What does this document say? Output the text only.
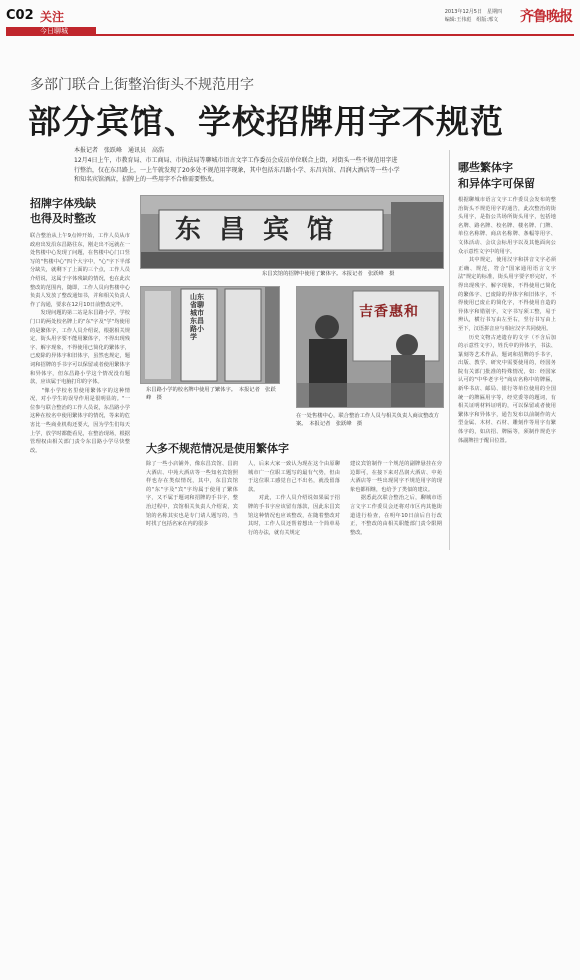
C02 关注
今日聊城
2013年12月5日　星期四
编辑:王伟彪　组版:邢文 齐鲁晚报
多部门联合上街整治街头不规范用字
部分宾馆、学校招牌用字不规范
本报记者　张跃峰　通讯员　高浩
12月4日上午，市教育局、市工商局、市执法局等聊城市语言文字工作委员会成员单位联合上街，对街头一些不规范用字进行整治，仅在东昌路上，一上午就发现了20多处不规范用字现象，其中包括东昌路小学、东昌宾馆、昌润大酒店等一些小学和知名宾馆酒店，招牌上的一些用字不合格需要整改。
招牌字体残缺
也得及时整改
联合整治从上午9点钟开始，工作人员从市政府出发沿东昌路往东，刚走出不远就在一处售楼中心发现了问题，在售楼中心门口竖写的"售楼中心"四个大字中，"心"字下半部分缺失，就剩下了上面的三个点，工作人员介绍说，这属于字体残缺的情况，也在此次整改的范围内，随即，工作人员向售楼中心负责人发放了整改通知书，并和相关负责人作了沟通，要求在12月10日前整改完毕。
　　发现问题的第二站是东昌路小学，学校门口的两处校名牌上的"东"字及"学"均使用的是繁体字，工作人员介绍说，根据相关规定，街头用字要不能用繁体字，不得出现残字、解字现象，不得使用已简化的繁体字，已废除的异体字和旧体字，虽然也规定，题词和招牌的手书字可以保留或者使用繁体字和异体字，但东昌路小学这个情况没有题款，应该属于电脑打印的字体。
　　"像小学校名里使用繁体字的这种情况，对小学生的误导作用是很明显的。"一位参与联合整治的工作人员说，东昌路小学这种在校名中使用繁体字的情况，等来的危害比一些商业机构还要大，因为学生们每天上学，放学时都能看见，在整治现场，根据管理权由相关部门责令东昌路小学尽快整改。
东昌宾馆
东昌宾馆的招牌中使用了繁体字。本报记者　张跃峰　摄
山东省聊城市东昌路小学
东昌路小学的校名牌中使用了繁体字。　本报记者　张跃峰　摄
吉香惠和
在一处售楼中心，联合整治工作人员与相关负责人商议整改方案。　本报记者　张跃峰　摄
大多不规范情况是使用繁体字
除了一些小店铺外，像东昌宾馆、昌润大酒店、中苑大酒店等一些知名宾馆照样也存在类似情况，其中，东昌宾馆的"东"字及"宾"字均属于使用了繁体字，又不属于题词和招牌的手书字，整治过程中，宾馆相关负责人介绍说，宾馆的名称其实也是专门请人题写的，当时找了包括名家在内的很多
人，后来大家一致认为现在这个由原聊城市广一位职工题写的最有气势，但由于这位职工感觉自己不出名，就没留落款。
　　对此，工作人员介绍说如果属于招牌的手书字应该留有落款，因此东昌宾馆这种情况也应该整改，在随着整改对其时，工作人员还帮着想出一个简单易行的办法，就有关规定
建议宾馆制作一个规范的副牌悬挂在旁边即可，在接下来对昌润大酒店、中苑大酒店等一些出现同字不规范用字的现象也都相继，也给予了类似的建议。
　　据悉此次联合整治之后，聊城市语言文字工作委员会还将对市区内其他街道进行检查，在明年10日前后自行改正，不整改的由相关职能部门责令限期整改。
哪些繁体字
和异体字可保留
根据聊城市语言文字工作委员会发布的整治街头不规范用字的通告，此次整治的街头用字，是指公共场所街头用字，包括地名牌、路名牌、校名牌、楼名牌、门牌、单位名称牌、商店名称牌、条幅等用字、文体活动、会议会标用字以及其他面向公众示意性文字中的用字。
　　其中规定，使用汉字和拼音文字必须正确、规范，符合"国家通用语言文字法"规定的标准，街头用字要字形完好，不得出现残字、解字现象，不得使用已简化的繁体字、已废除的异体字和旧体字，不得使用已废止的简化字，不得使用自造的异体字和错别字，文字书写须工整，易于辨认，横行书写由左至右，竖行书写由上至下，汉语拼音应与相应汉字共同使用。
　　历史文物古迹遗存的文字（不含后加的示意性文字），姓氏中的异体字，书法、篆刻等艺术作品，题词和招牌的手书字，出版、教学、研究中需要使用的，经国务院有关部门批准的特殊情况，如：经国家认可的"中华老字号"商店名称中的牌匾，新华书店、邮局、银行等单位使用的全国统一的牌匾用字等，经党委等的题词，有相关证明材料证明的，可以保留或者使用繁体字和异体字，通告发布以前制作的大型金属、木材、石材、雕刻作等用字有繁体字的，如店招、牌匾等，须制作规范字体副牌挂于醒目位置。
